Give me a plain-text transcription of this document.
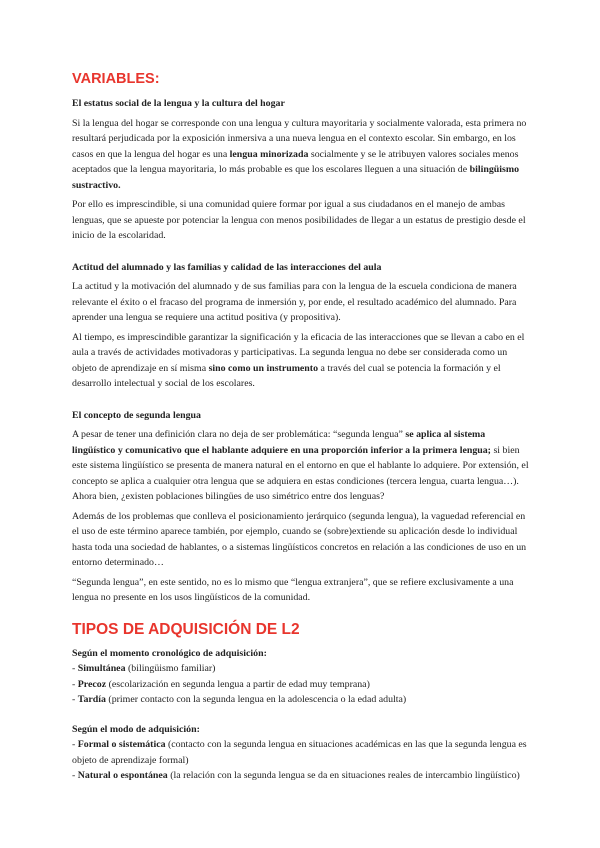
VARIABLES:

El estatus social de la lengua y la cultura del hogar

Si la lengua del hogar se corresponde con una lengua y cultura mayoritaria y socialmente valorada, esta primera no resultará perjudicada por la exposición inmersiva a una nueva lengua en el contexto escolar. Sin embargo, en los casos en que la lengua del hogar es una lengua minorizada socialmente y se le atribuyen valores sociales menos aceptados que la lengua mayoritaria, lo más probable es que los escolares lleguen a una situación de bilingüismo sustractivo.

Por ello es imprescindible, si una comunidad quiere formar por igual a sus ciudadanos en el manejo de ambas lenguas, que se apueste por potenciar la lengua con menos posibilidades de llegar a un estatus de prestigio desde el inicio de la escolaridad.

Actitud del alumnado y las familias y calidad de las interacciones del aula

La actitud y la motivación del alumnado y de sus familias para con la lengua de la escuela condiciona de manera relevante el éxito o el fracaso del programa de inmersión y, por ende, el resultado académico del alumnado. Para aprender una lengua se requiere una actitud positiva (y propositiva).

Al tiempo, es imprescindible garantizar la significación y la eficacia de las interacciones que se llevan a cabo en el aula a través de actividades motivadoras y participativas. La segunda lengua no debe ser considerada como un objeto de aprendizaje en sí misma sino como un instrumento a través del cual se potencia la formación y el desarrollo intelectual y social de los escolares.

El concepto de segunda lengua

A pesar de tener una definición clara no deja de ser problemática: “segunda lengua” se aplica al sistema lingüístico y comunicativo que el hablante adquiere en una proporción inferior a la primera lengua; si bien este sistema lingüístico se presenta de manera natural en el entorno en que el hablante lo adquiere. Por extensión, el concepto se aplica a cualquier otra lengua que se adquiera en estas condiciones (tercera lengua, cuarta lengua…). Ahora bien, ¿existen poblaciones bilingües de uso simétrico entre dos lenguas?

Además de los problemas que conlleva el posicionamiento jerárquico (segunda lengua), la vaguedad referencial en el uso de este término aparece también, por ejemplo, cuando se (sobre)extiende su aplicación desde lo individual hasta toda una sociedad de hablantes, o a sistemas lingüísticos concretos en relación a las condiciones de uso en un entorno determinado…

“Segunda lengua”, en este sentido, no es lo mismo que “lengua extranjera”, que se refiere exclusivamente a una lengua no presente en los usos lingüísticos de la comunidad.

TIPOS DE ADQUISICIÓN DE L2

Según el momento cronológico de adquisición:

- Simultánea (bilingüismo familiar)

- Precoz (escolarización en segunda lengua a partir de edad muy temprana)

- Tardía (primer contacto con la segunda lengua en la adolescencia o la edad adulta)

Según el modo de adquisición:

- Formal o sistemática (contacto con la segunda lengua en situaciones académicas en las que la segunda lengua es objeto de aprendizaje formal)

- Natural o espontánea (la relación con la segunda lengua se da en situaciones reales de intercambio lingüístico)
